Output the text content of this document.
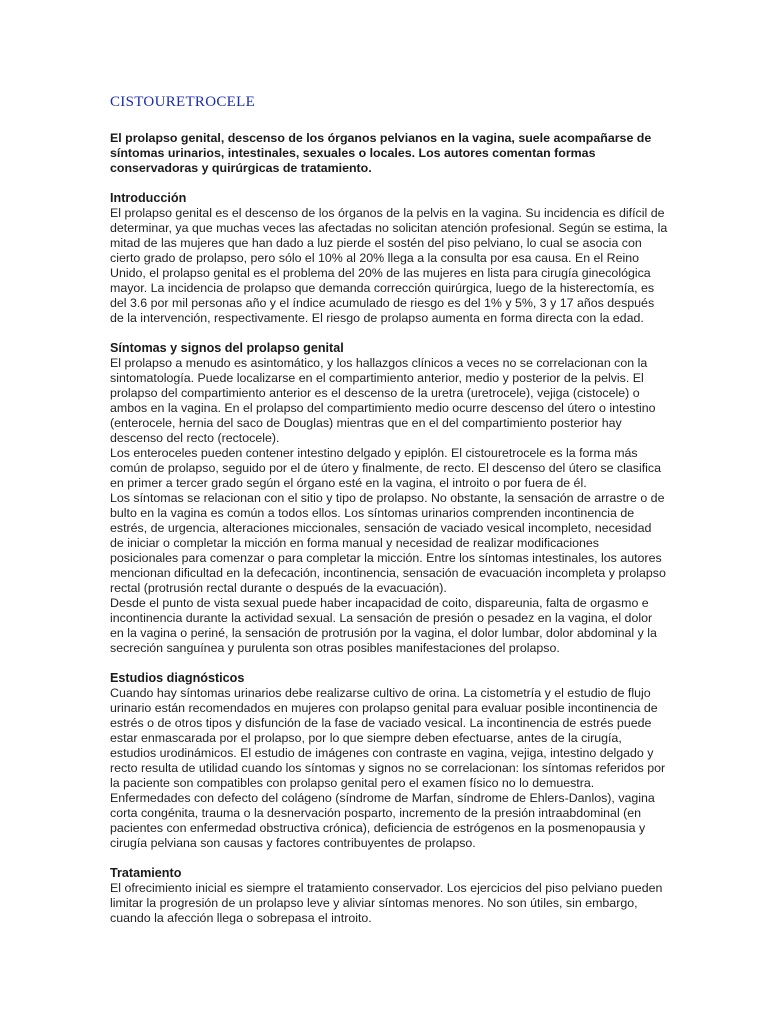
CISTOURETROCELE
El prolapso genital, descenso de los órganos pelvianos en la vagina, suele acompañarse de síntomas urinarios, intestinales, sexuales o locales. Los autores comentan formas conservadoras y quirúrgicas de tratamiento.
Introducción

El prolapso genital es el descenso de los órganos de la pelvis en la vagina. Su incidencia es difícil de determinar, ya que muchas veces las afectadas no solicitan atención profesional. Según se estima, la mitad de las mujeres que han dado a luz pierde el sostén del piso pelviano, lo cual se asocia con cierto grado de prolapso, pero sólo el 10% al 20% llega a la consulta por esa causa. En el Reino Unido, el prolapso genital es el problema del 20% de las mujeres en lista para cirugía ginecológica mayor. La incidencia de prolapso que demanda corrección quirúrgica, luego de la histerectomía, es del 3.6 por mil personas año y el índice acumulado de riesgo es del 1% y 5%, 3 y 17 años después de la intervención, respectivamente. El riesgo de prolapso aumenta en forma directa con la edad.

Síntomas y signos del prolapso genital

El prolapso a menudo es asintomático, y los hallazgos clínicos a veces no se correlacionan con la sintomatología. Puede localizarse en el compartimiento anterior, medio y posterior de la pelvis. El prolapso del compartimiento anterior es el descenso de la uretra (uretrocele), vejiga (cistocele) o ambos en la vagina. En el prolapso del compartimiento medio ocurre descenso del útero o intestino (enterocele, hernia del saco de Douglas) mientras que en el del compartimiento posterior hay descenso del recto (rectocele).

Los enteroceles pueden contener intestino delgado y epiplón. El cistouretrocele es la forma más común de prolapso, seguido por el de útero y finalmente, de recto. El descenso del útero se clasifica en primer a tercer grado según el órgano esté en la vagina, el introito o por fuera de él.

Los síntomas se relacionan con el sitio y tipo de prolapso. No obstante, la sensación de arrastre o de bulto en la vagina es común a todos ellos. Los síntomas urinarios comprenden incontinencia de estrés, de urgencia, alteraciones miccionales, sensación de vaciado vesical incompleto, necesidad de iniciar o completar la micción en forma manual y necesidad de realizar modificaciones posicionales para comenzar o para completar la micción. Entre los síntomas intestinales, los autores mencionan dificultad en la defecación, incontinencia, sensación de evacuación incompleta y prolapso rectal (protrusión rectal durante o después de la evacuación).

Desde el punto de vista sexual puede haber incapacidad de coito, dispareunia, falta de orgasmo e incontinencia durante la actividad sexual. La sensación de presión o pesadez en la vagina, el dolor en la vagina o periné, la sensación de protrusión por la vagina, el dolor lumbar, dolor abdominal y la secreción sanguínea y purulenta son otras posibles manifestaciones del prolapso.

Estudios diagnósticos

Cuando hay síntomas urinarios debe realizarse cultivo de orina. La cistometría y el estudio de flujo urinario están recomendados en mujeres con prolapso genital para evaluar posible incontinencia de estrés o de otros tipos y disfunción de la fase de vaciado vesical. La incontinencia de estrés puede estar enmascarada por el prolapso, por lo que siempre deben efectuarse, antes de la cirugía, estudios urodinámicos. El estudio de imágenes con contraste en vagina, vejiga, intestino delgado y recto resulta de utilidad cuando los síntomas y signos no se correlacionan: los síntomas referidos por la paciente son compatibles con prolapso genital pero el examen físico no lo demuestra.

Enfermedades con defecto del colágeno (síndrome de Marfan, síndrome de Ehlers-Danlos), vagina corta congénita, trauma o la desnervación posparto, incremento de la presión intraabdominal (en pacientes con enfermedad obstructiva crónica), deficiencia de estrógenos en la posmenopausia y cirugía pelviana son causas y factores contribuyentes de prolapso.

Tratamiento

El ofrecimiento inicial es siempre el tratamiento conservador. Los ejercicios del piso pelviano pueden limitar la progresión de un prolapso leve y aliviar síntomas menores. No son útiles, sin embargo, cuando la afección llega o sobrepasa el introito.
